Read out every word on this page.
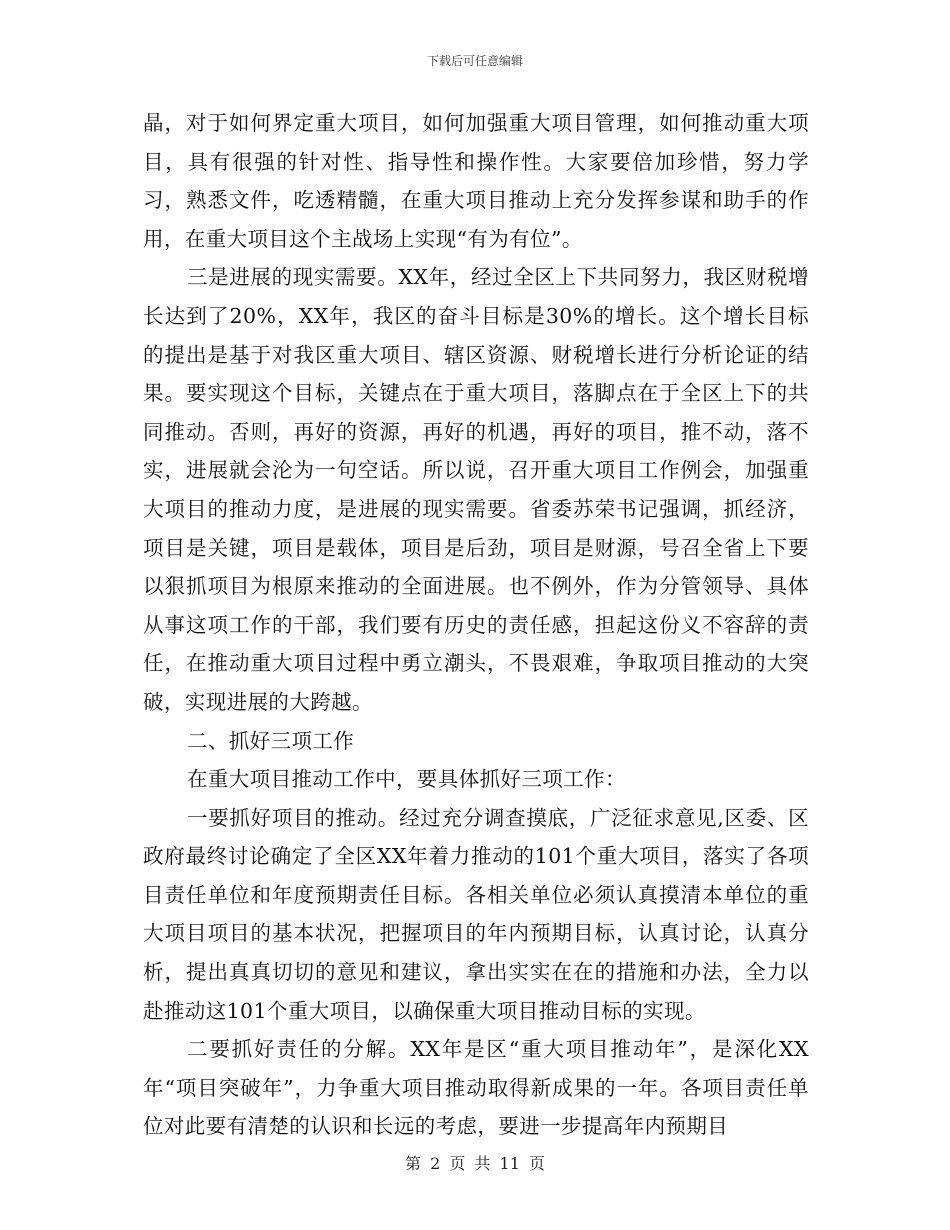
下载后可任意编辑

晶，对于如何界定重大项目，如何加强重大项目管理，如何推动重大项目，具有很强的针对性、指导性和操作性。大家要倍加珍惜，努力学习，熟悉文件，吃透精髓，在重大项目推动上充分发挥参谋和助手的作用，在重大项目这个主战场上实现“有为有位”。

三是进展的现实需要。XX年，经过全区上下共同努力，我区财税增长达到了20%，XX年，我区的奋斗目标是30%的增长。这个增长目标的提出是基于对我区重大项目、辖区资源、财税增长进行分析论证的结果。要实现这个目标，关键点在于重大项目，落脚点在于全区上下的共同推动。否则，再好的资源，再好的机遇，再好的项目，推不动，落不实，进展就会沦为一句空话。所以说，召开重大项目工作例会，加强重大项目的推动力度，是进展的现实需要。省委苏荣书记强调，抓经济，项目是关键，项目是载体，项目是后劲，项目是财源，号召全省上下要以狠抓项目为根原来推动的全面进展。也不例外，作为分管领导、具体从事这项工作的干部，我们要有历史的责任感，担起这份义不容辞的责任，在推动重大项目过程中勇立潮头，不畏艰难，争取项目推动的大突破，实现进展的大跨越。

二、抓好三项工作

在重大项目推动工作中，要具体抓好三项工作：

一要抓好项目的推动。经过充分调查摸底，广泛征求意见,区委、区政府最终讨论确定了全区XX年着力推动的101个重大项目，落实了各项目责任单位和年度预期责任目标。各相关单位必须认真摸清本单位的重大项目项目的基本状况，把握项目的年内预期目标，认真讨论，认真分析，提出真真切切的意见和建议，拿出实实在在的措施和办法，全力以赴推动这101个重大项目，以确保重大项目推动目标的实现。

二要抓好责任的分解。XX年是区“重大项目推动年”，是深化XX年“项目突破年”，力争重大项目推动取得新成果的一年。各项目责任单位对此要有清楚的认识和长远的考虑，要进一步提高年内预期目

第 2 页 共 11 页
